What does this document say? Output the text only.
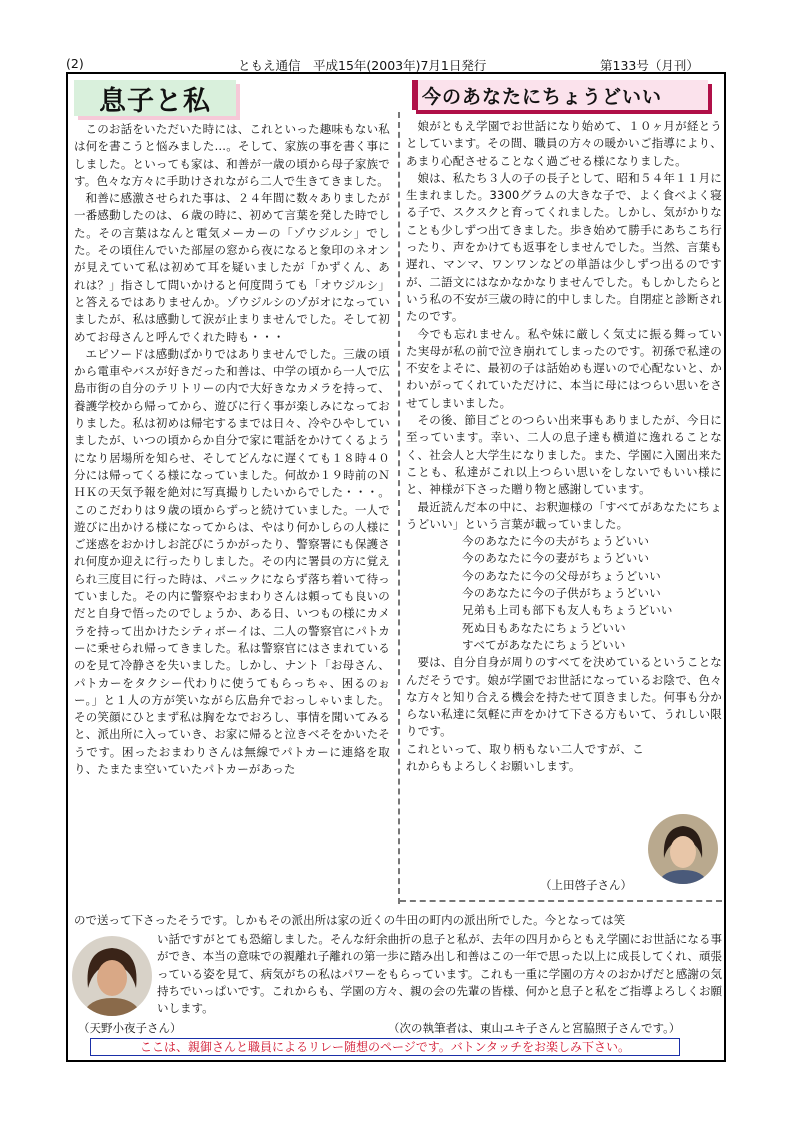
(2)	ともえ通信　平成15年(2003年)7月1日発行	第133号（月刊）
息子と私	今のあなたにちょうどいい

このお話をいただいた時には、これといった趣味もない私は何を書こうと悩みました…。そして、家族の事を書く事にしました。といっても家は、和善が一歳の頃から母子家族です。色々な方々に手助けされながら二人で生きてきました。

和善に感激させられた事は、２４年間に数々ありましたが一番感動したのは、６歳の時に、初めて言葉を発した時でした。その言葉はなんと電気メーカーの「ゾウジルシ」でした。その頃住んでいた部屋の窓から夜になると象印のネオンが見えていて私は初めて耳を疑いましたが「かずくん、あれは？」指さして問いかけると何度問うても「オウジルシ」と答えるではありませんか。ゾウジルシのゾがオになっていましたが、私は感動して涙が止まりませんでした。そして初めてお母さんと呼んでくれた時も・・・

エピソードは感動ばかりではありませんでした。三歳の頃から電車やバスが好きだった和善は、中学の頃から一人で広島市街の自分のテリトリーの内で大好きなカメラを持って、養護学校から帰ってから、遊びに行く事が楽しみになっておりました。私は初めは帰宅するまでは日々、冷やひやしていましたが、いつの頃からか自分で家に電話をかけてくるようになり居場所を知らせ、そしてどんなに遅くても１８時４０分には帰ってくる様になっていました。何故か１９時前のＮＨＫの天気予報を絶対に写真撮りしたいからでした・・・。このこだわりは９歳の頃からずっと続けていました。一人で遊びに出かける様になってからは、やはり何かしらの人様にご迷惑をおかけしお詫びにうかがったり、警察署にも保護され何度か迎えに行ったりしました。その内に署員の方に覚えられ三度目に行った時は、パニックにならず落ち着いて待っていました。その内に警察やおまわりさんは頼っても良いのだと自身で悟ったのでしょうか、ある日、いつもの様にカメラを持って出かけたシティボーイは、二人の警察官にパトカーに乗せられ帰ってきました。私は警察官にはさまれているのを見て冷静さを失いました。しかし、ナント「お母さん、パトカーをタクシー代わりに使うてもらっちゃ、困るのぉー。」と１人の方が笑いながら広島弁でおっしゃいました。その笑顔にひとまず私は胸をなでおろし、事情を聞いてみると、派出所に入っていき、お家に帰ると泣きべそをかいたそうです。困ったおまわりさんは無線でパトカーに連絡を取り、たまたま空いていたパトカーがあった

娘がともえ学園でお世話になり始めて、１０ヶ月が経とうとしています。その間、職員の方々の暖かいご指導により、あまり心配させることなく過ごせる様になりました。

娘は、私たち３人の子の長子として、昭和５４年１１月に生まれました。3300グラムの大きな子で、よく食べよく寝る子で、スクスクと育ってくれました。しかし、気がかりなことも少しずつ出てきました。歩き始めて勝手にあちこち行ったり、声をかけても返事をしませんでした。当然、言葉も遅れ、マンマ、ワンワンなどの単語は少しずつ出るのですが、二語文にはなかなかなりませんでした。もしかしたらという私の不安が三歳の時に的中しました。自閉症と診断されたのです。

今でも忘れません。私や妹に厳しく気丈に振る舞っていた実母が私の前で泣き崩れてしまったのです。初孫で私達の不安をよそに、最初の子は話始めも遅いので心配ないと、かわいがってくれていただけに、本当に母にはつらい思いをさせてしまいました。

その後、節目ごとのつらい出来事もありましたが、今日に至っています。幸い、二人の息子達も横道に逸れることなく、社会人と大学生になりました。また、学園に入園出来たことも、私達がこれ以上つらい思いをしないでもいい様にと、神様が下さった贈り物と感謝しています。

最近読んだ本の中に、お釈迦様の「すべてがあなたにちょうどいい」という言葉が載っていました。

今のあなたに今の夫がちょうどいい
今のあなたに今の妻がちょうどいい
今のあなたに今の父母がちょうどいい
今のあなたに今の子供がちょうどいい
兄弟も上司も部下も友人もちょうどいい
死ぬ日もあなたにちょうどいい
すべてがあなたにちょうどいい

要は、自分自身が周りのすべてを決めているということなんだそうです。娘が学園でお世話になっているお陰で、色々な方々と知り合える機会を持たせて頂きました。何事も分からない私達に気軽に声をかけて下さる方もいて、うれしい限りです。

これといって、取り柄もない二人ですが、これからもよろしくお願いします。

（上田啓子さん）
ので送って下さったそうです。しかもその派出所は家の近くの牛田の町内の派出所でした。今となっては笑
い話ですがとても恐縮しました。そんな紆余曲折の息子と私が、去年の四月からともえ学園にお世話になる事ができ、本当の意味での親離れ子離れの第一歩に踏み出し和善はこの一年で思った以上に成長してくれ、頑張っている姿を見て、病気がちの私はパワーをもらっています。これも一重に学園の方々のおかげだと感謝の気持ちでいっぱいです。これからも、学園の方々、親の会の先輩の皆様、何かと息子と私をご指導よろしくお願いします。
（天野小夜子さん）	（次の執筆者は、東山ユキ子さんと宮脇照子さんです。）
ここは、親御さんと職員によるリレー随想のページです。バトンタッチをお楽しみ下さい。
